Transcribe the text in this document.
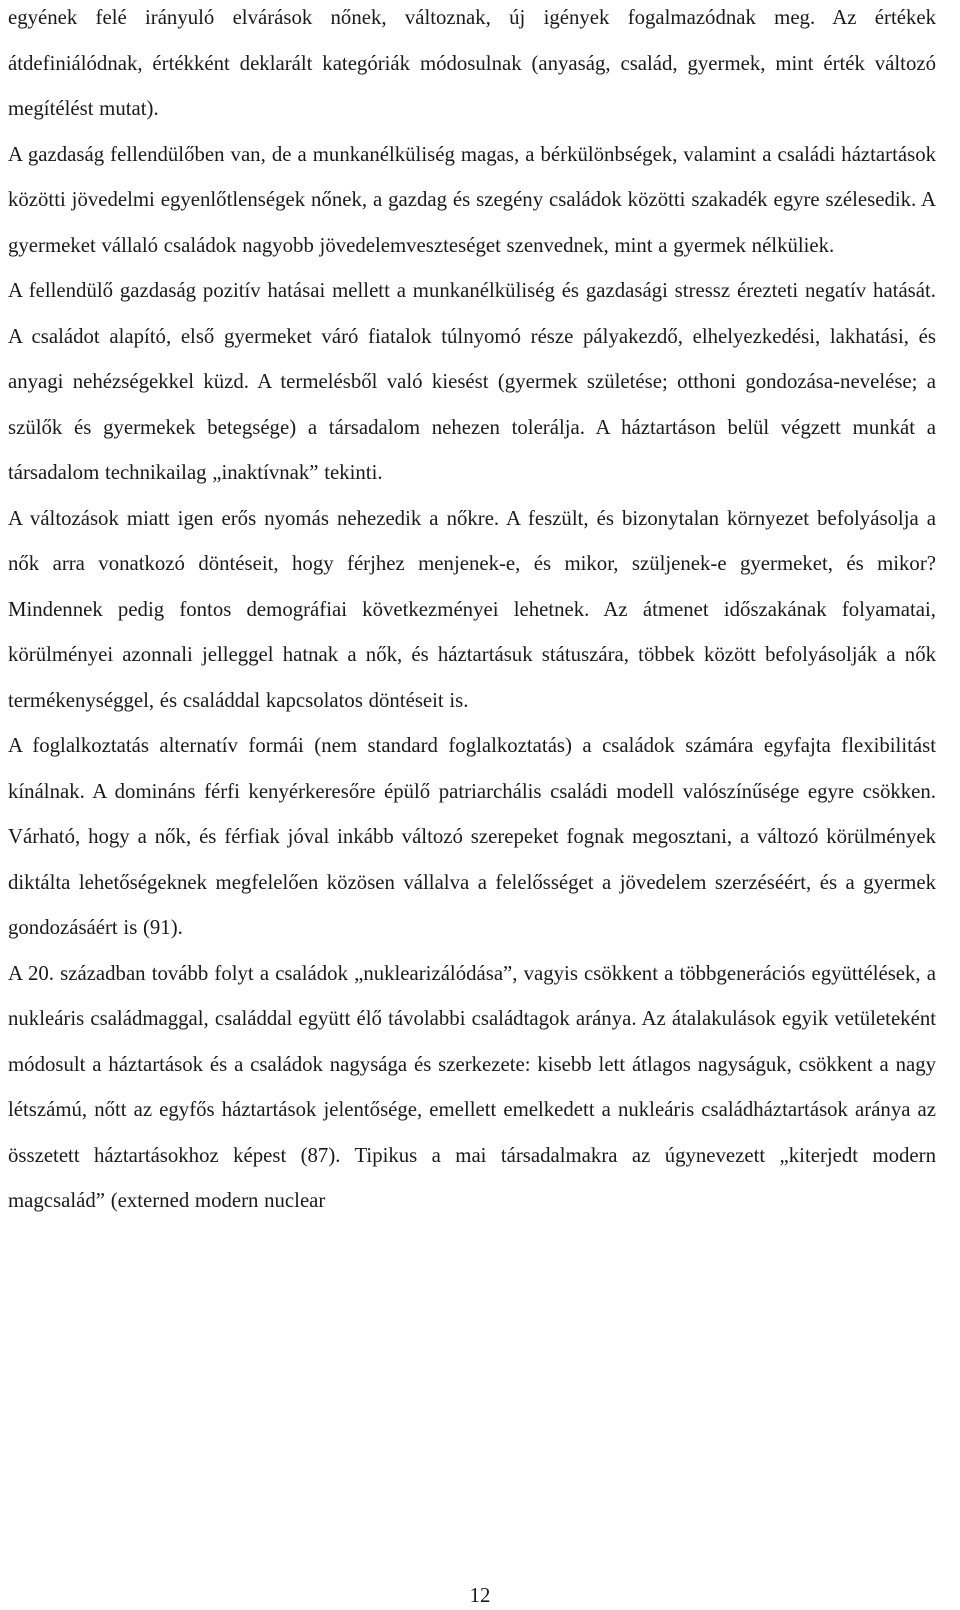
egyének felé irányuló elvárások nőnek, változnak, új igények fogalmazódnak meg. Az értékek átdefiniálódnak, értékként deklarált kategóriák módosulnak (anyaság, család, gyermek, mint érték változó megítélést mutat).

A gazdaság fellendülőben van, de a munkanélküliség magas, a bérkülönbségek, valamint a családi háztartások közötti jövedelmi egyenlőtlenségek nőnek, a gazdag és szegény családok közötti szakadék egyre szélesedik. A gyermeket vállaló családok nagyobb jövedelemveszteséget szenvednek, mint a gyermek nélküliek.

A fellendülő gazdaság pozitív hatásai mellett a munkanélküliség és gazdasági stressz érezteti negatív hatását. A családot alapító, első gyermeket váró fiatalok túlnyomó része pályakezdő, elhelyezkedési, lakhatási, és anyagi nehézségekkel küzd. A termelésből való kiesést (gyermek születése; otthoni gondozása-nevelése; a szülők és gyermekek betegsége) a társadalom nehezen tolerálja. A háztartáson belül végzett munkát a társadalom technikailag „inaktívnak” tekinti.

A változások miatt igen erős nyomás nehezedik a nőkre. A feszült, és bizonytalan környezet befolyásolja a nők arra vonatkozó döntéseit, hogy férjhez menjenek-e, és mikor, szüljenek-e gyermeket, és mikor? Mindennek pedig fontos demográfiai következményei lehetnek. Az átmenet időszakának folyamatai, körülményei azonnali jelleggel hatnak a nők, és háztartásuk státuszára, többek között befolyásolják a nők termékenységgel, és családdal kapcsolatos döntéseit is.

A foglalkoztatás alternatív formái (nem standard foglalkoztatás) a családok számára egyfajta flexibilitást kínálnak. A domináns férfi kenyérkeresőre épülő patriarchális családi modell valószínűsége egyre csökken. Várható, hogy a nők, és férfiak jóval inkább változó szerepeket fognak megosztani, a változó körülmények diktálta lehetőségeknek megfelelően közösen vállalva a felelősséget a jövedelem szerzéséért, és a gyermek gondozásáért is (91).

A 20. században tovább folyt a családok „nuklearizálódása”, vagyis csökkent a többgenerációs együttélések, a nukleáris családmaggal, családdal együtt élő távolabbi családtagok aránya. Az átalakulások egyik vetületeként módosult a háztartások és a családok nagysága és szerkezete: kisebb lett átlagos nagyságuk, csökkent a nagy létszámú, nőtt az egyfős háztartások jelentősége, emellett emelkedett a nukleáris családháztartások aránya az összetett háztartásokhoz képest (87). Tipikus a mai társadalmakra az úgynevezett „kiterjedt modern magcsalád” (externed modern nuclear

12
